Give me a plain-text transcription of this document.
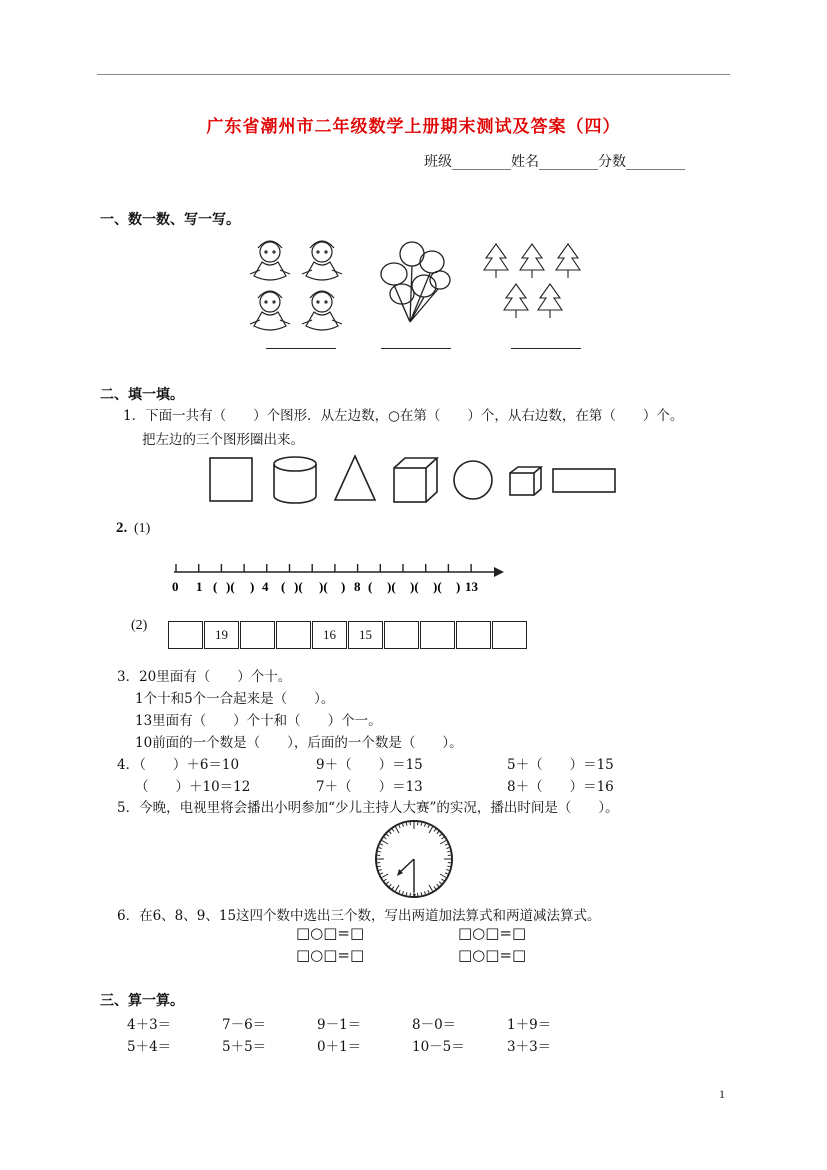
广东省潮州市二年级数学上册期末测试及答案（四）
班级_______姓名_______分数_______
一、数一数、写一写。
二、填一填。
1．下面一共有（　　）个图形．从左边数，○在第（　　）个，从右边数，在第（　　）个。
把左边的三个图形圈出来。
2. (1)
0 1 ( )( ) 4 ( )( )( ) 8 ( )( )( )( ) 13
(2)
19	16	15
3．20里面有（　　）个十。
1个十和5个一合起来是（　　）。
13里面有（　　）个十和（　　）个一。
10前面的一个数是（　　），后面的一个数是（　　）。
4．（　　）＋6＝10	9＋（　　）＝15	5＋（　　）＝15
（　　）＋10＝12	7＋（　　）＝13	8＋（　　）＝16
5．今晚，电视里将会播出小明参加“少儿主持人大赛”的实况，播出时间是（　　）。
6．在6、8、9、15这四个数中选出三个数，写出两道加法算式和两道减法算式。
□○□=□	□○□=□
□○□=□	□○□=□
三、算一算。
4＋3＝	7－6＝	9－1＝	8－0＝	1＋9＝
5＋4＝	5＋5＝	0＋1＝	10－5＝	3＋3＝
1
